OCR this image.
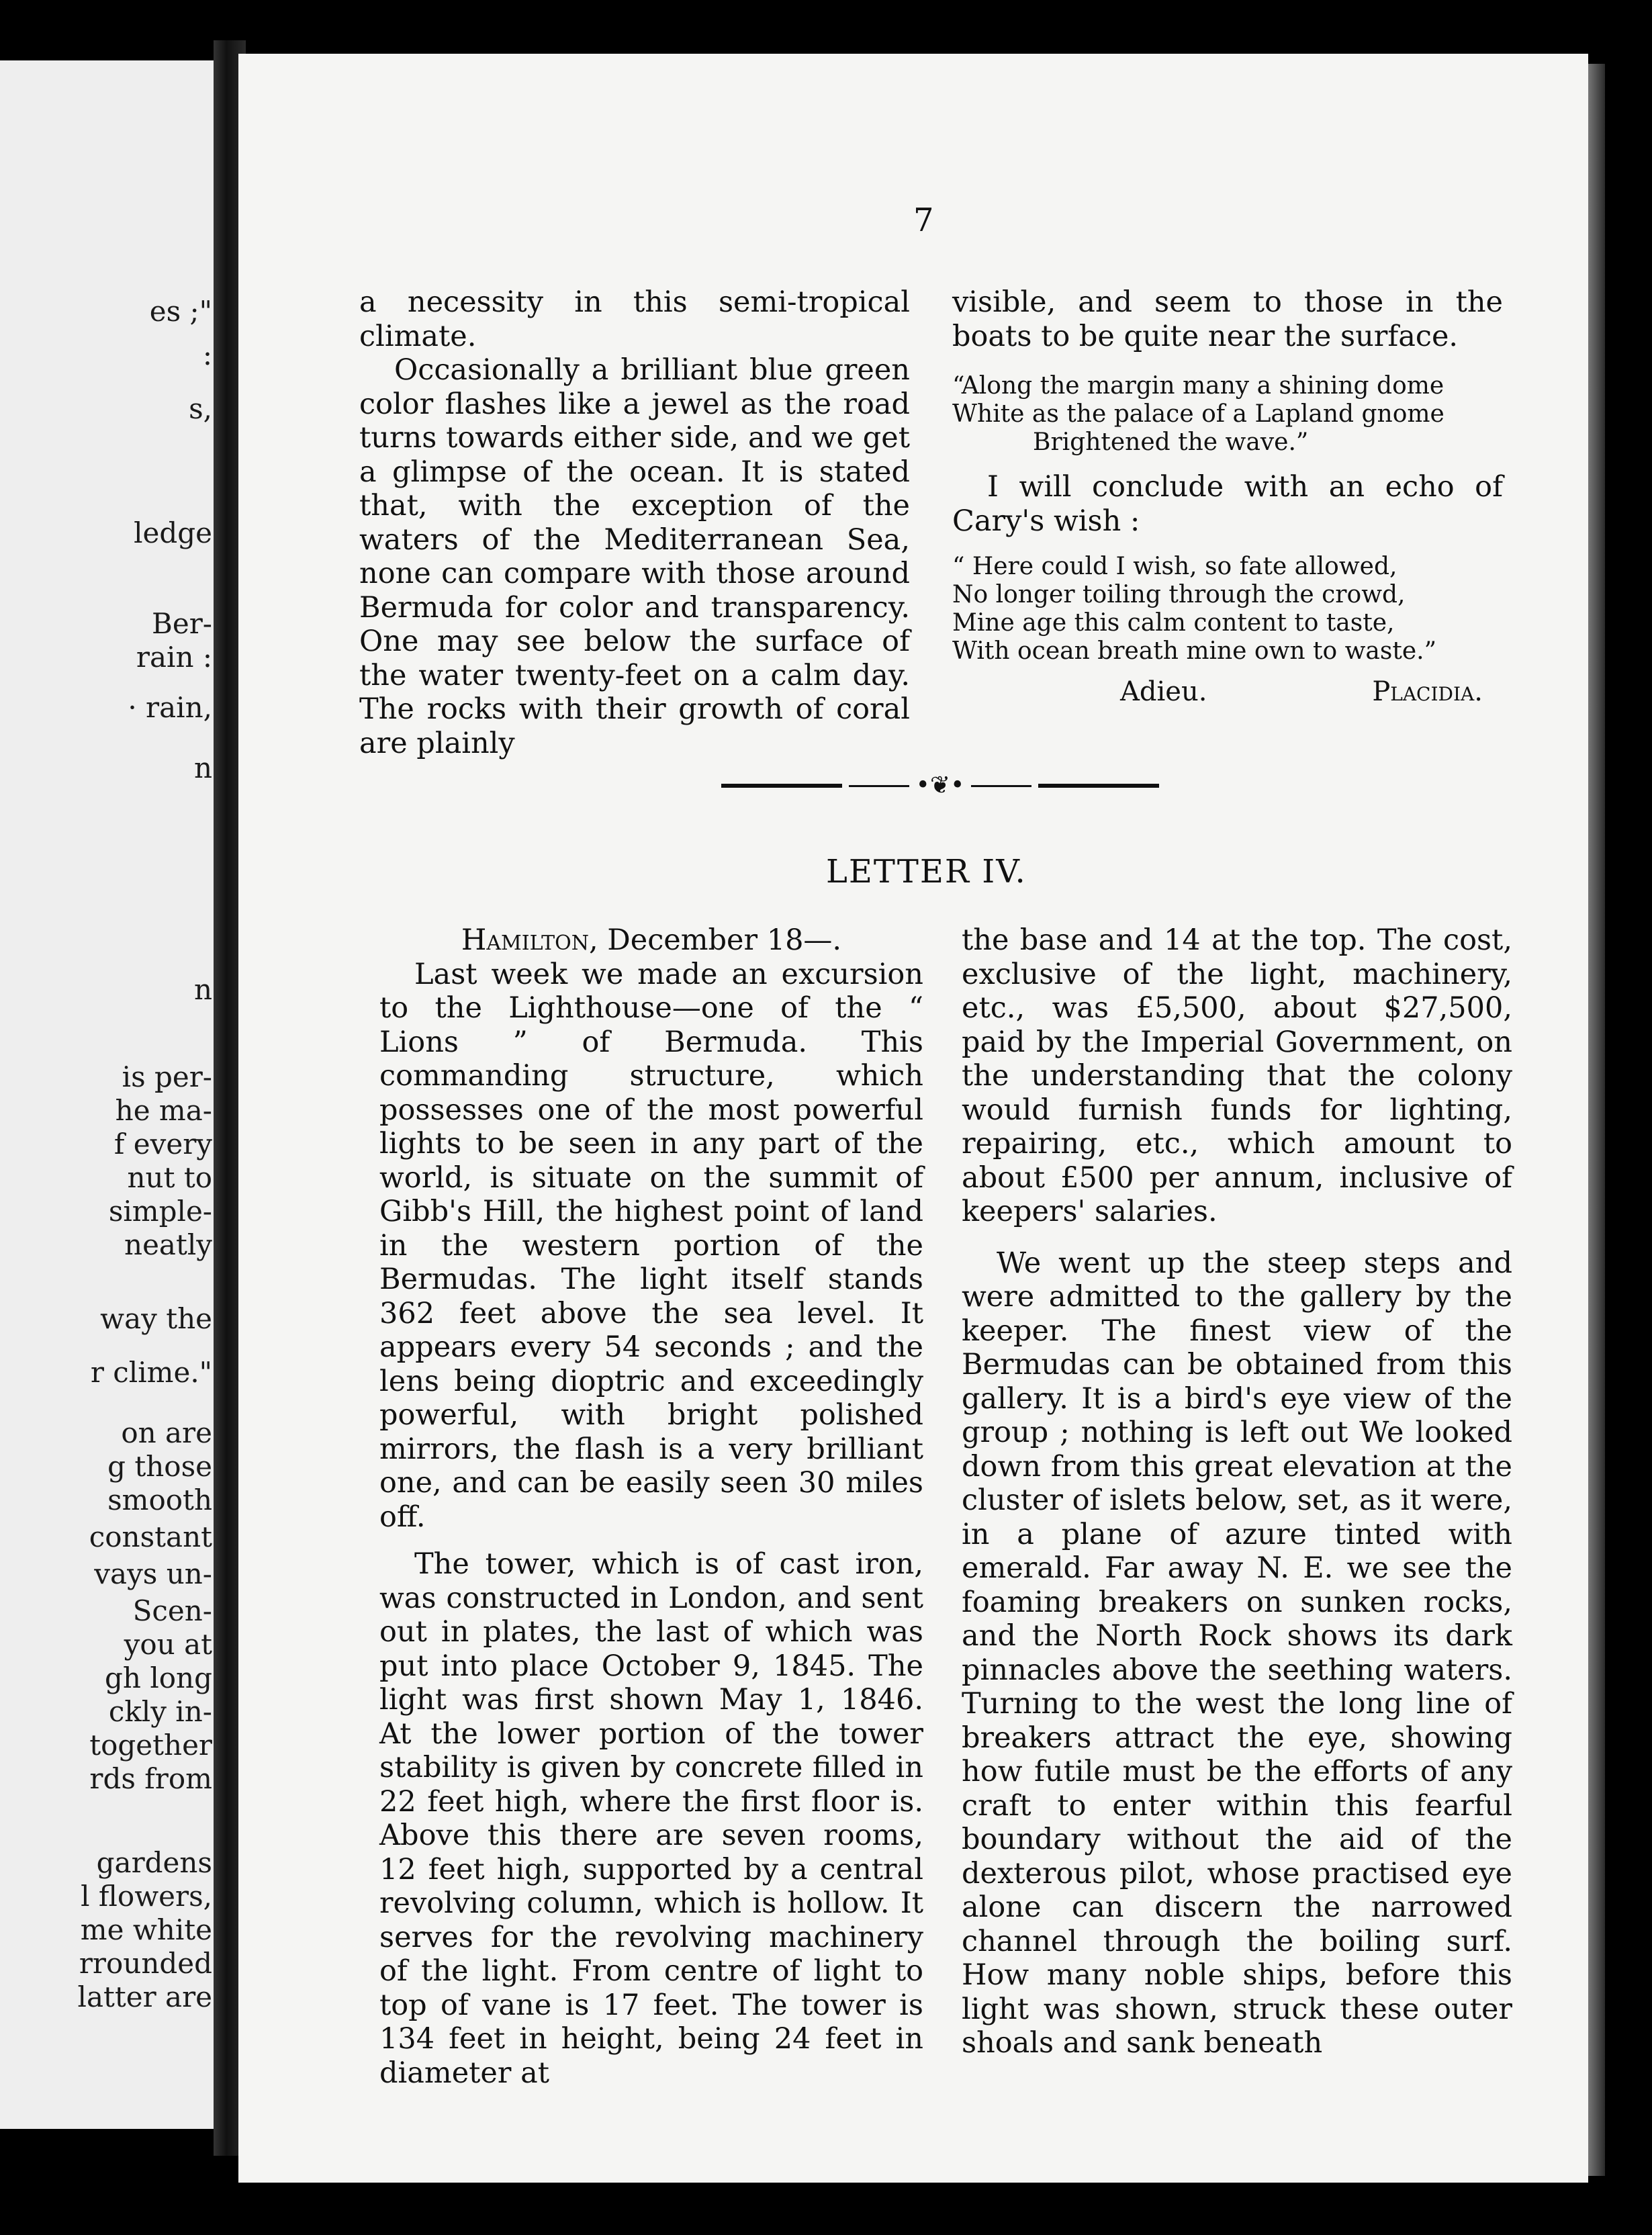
es ;"
:
s,
ledge
Ber-
rain :
· rain,
n
n
is per-
he ma-
f every
nut to
simple-
neatly
way the
r clime."
on are
g those
smooth
constant
vays un-
Scen-
you at
gh long
ckly in-
together
rds from
gardens
l flowers,
me white
rrounded
latter are
7

a necessity in this semi-tropical climate.

Occasionally a brilliant blue green color flashes like a jewel as the road turns towards either side, and we get a glimpse of the ocean. It is stated that, with the exception of the waters of the Mediterranean Sea, none can compare with those around Bermuda for color and transparency. One may see below the surface of the water twenty-feet on a calm day. The rocks with their growth of coral are plainly

visible, and seem to those in the boats to be quite near the surface.

“Along the margin many a shining dome
White as the palace of a Lapland gnome
Brightened the wave.”

I will conclude with an echo of Cary's wish :

“ Here could I wish, so fate allowed,
No longer toiling through the crowd,
Mine age this calm content to taste,
With ocean breath mine own to waste.”
Adieu.	Placidia.
•❦•
LETTER IV.

Hamilton, December 18—.

Last week we made an excursion to the Lighthouse—one of the “ Lions ” of Bermuda. This commanding structure, which possesses one of the most powerful lights to be seen in any part of the world, is situate on the summit of Gibb's Hill, the highest point of land in the western portion of the Bermudas. The light itself stands 362 feet above the sea level. It appears every 54 seconds ; and the lens being dioptric and exceedingly powerful, with bright polished mirrors, the flash is a very brilliant one, and can be easily seen 30 miles off.

The tower, which is of cast iron, was constructed in London, and sent out in plates, the last of which was put into place October 9, 1845. The light was first shown May 1, 1846. At the lower portion of the tower stability is given by concrete filled in 22 feet high, where the first floor is. Above this there are seven rooms, 12 feet high, supported by a central revolving column, which is hollow. It serves for the revolving machinery of the light. From centre of light to top of vane is 17 feet. The tower is 134 feet in height, being 24 feet in diameter at

the base and 14 at the top. The cost, exclusive of the light, machinery, etc., was £5,500, about $27,500, paid by the Imperial Government, on the understanding that the colony would furnish funds for lighting, repairing, etc., which amount to about £500 per annum, inclusive of keepers' salaries.

We went up the steep steps and were admitted to the gallery by the keeper. The finest view of the Bermudas can be obtained from this gallery. It is a bird's eye view of the group ; nothing is left out We looked down from this great elevation at the cluster of islets below, set, as it were, in a plane of azure tinted with emerald. Far away N. E. we see the foaming breakers on sunken rocks, and the North Rock shows its dark pinnacles above the seething waters. Turning to the west the long line of breakers attract the eye, showing how futile must be the efforts of any craft to enter within this fearful boundary without the aid of the dexterous pilot, whose practised eye alone can discern the narrowed channel through the boiling surf. How many noble ships, before this light was shown, struck these outer shoals and sank beneath
